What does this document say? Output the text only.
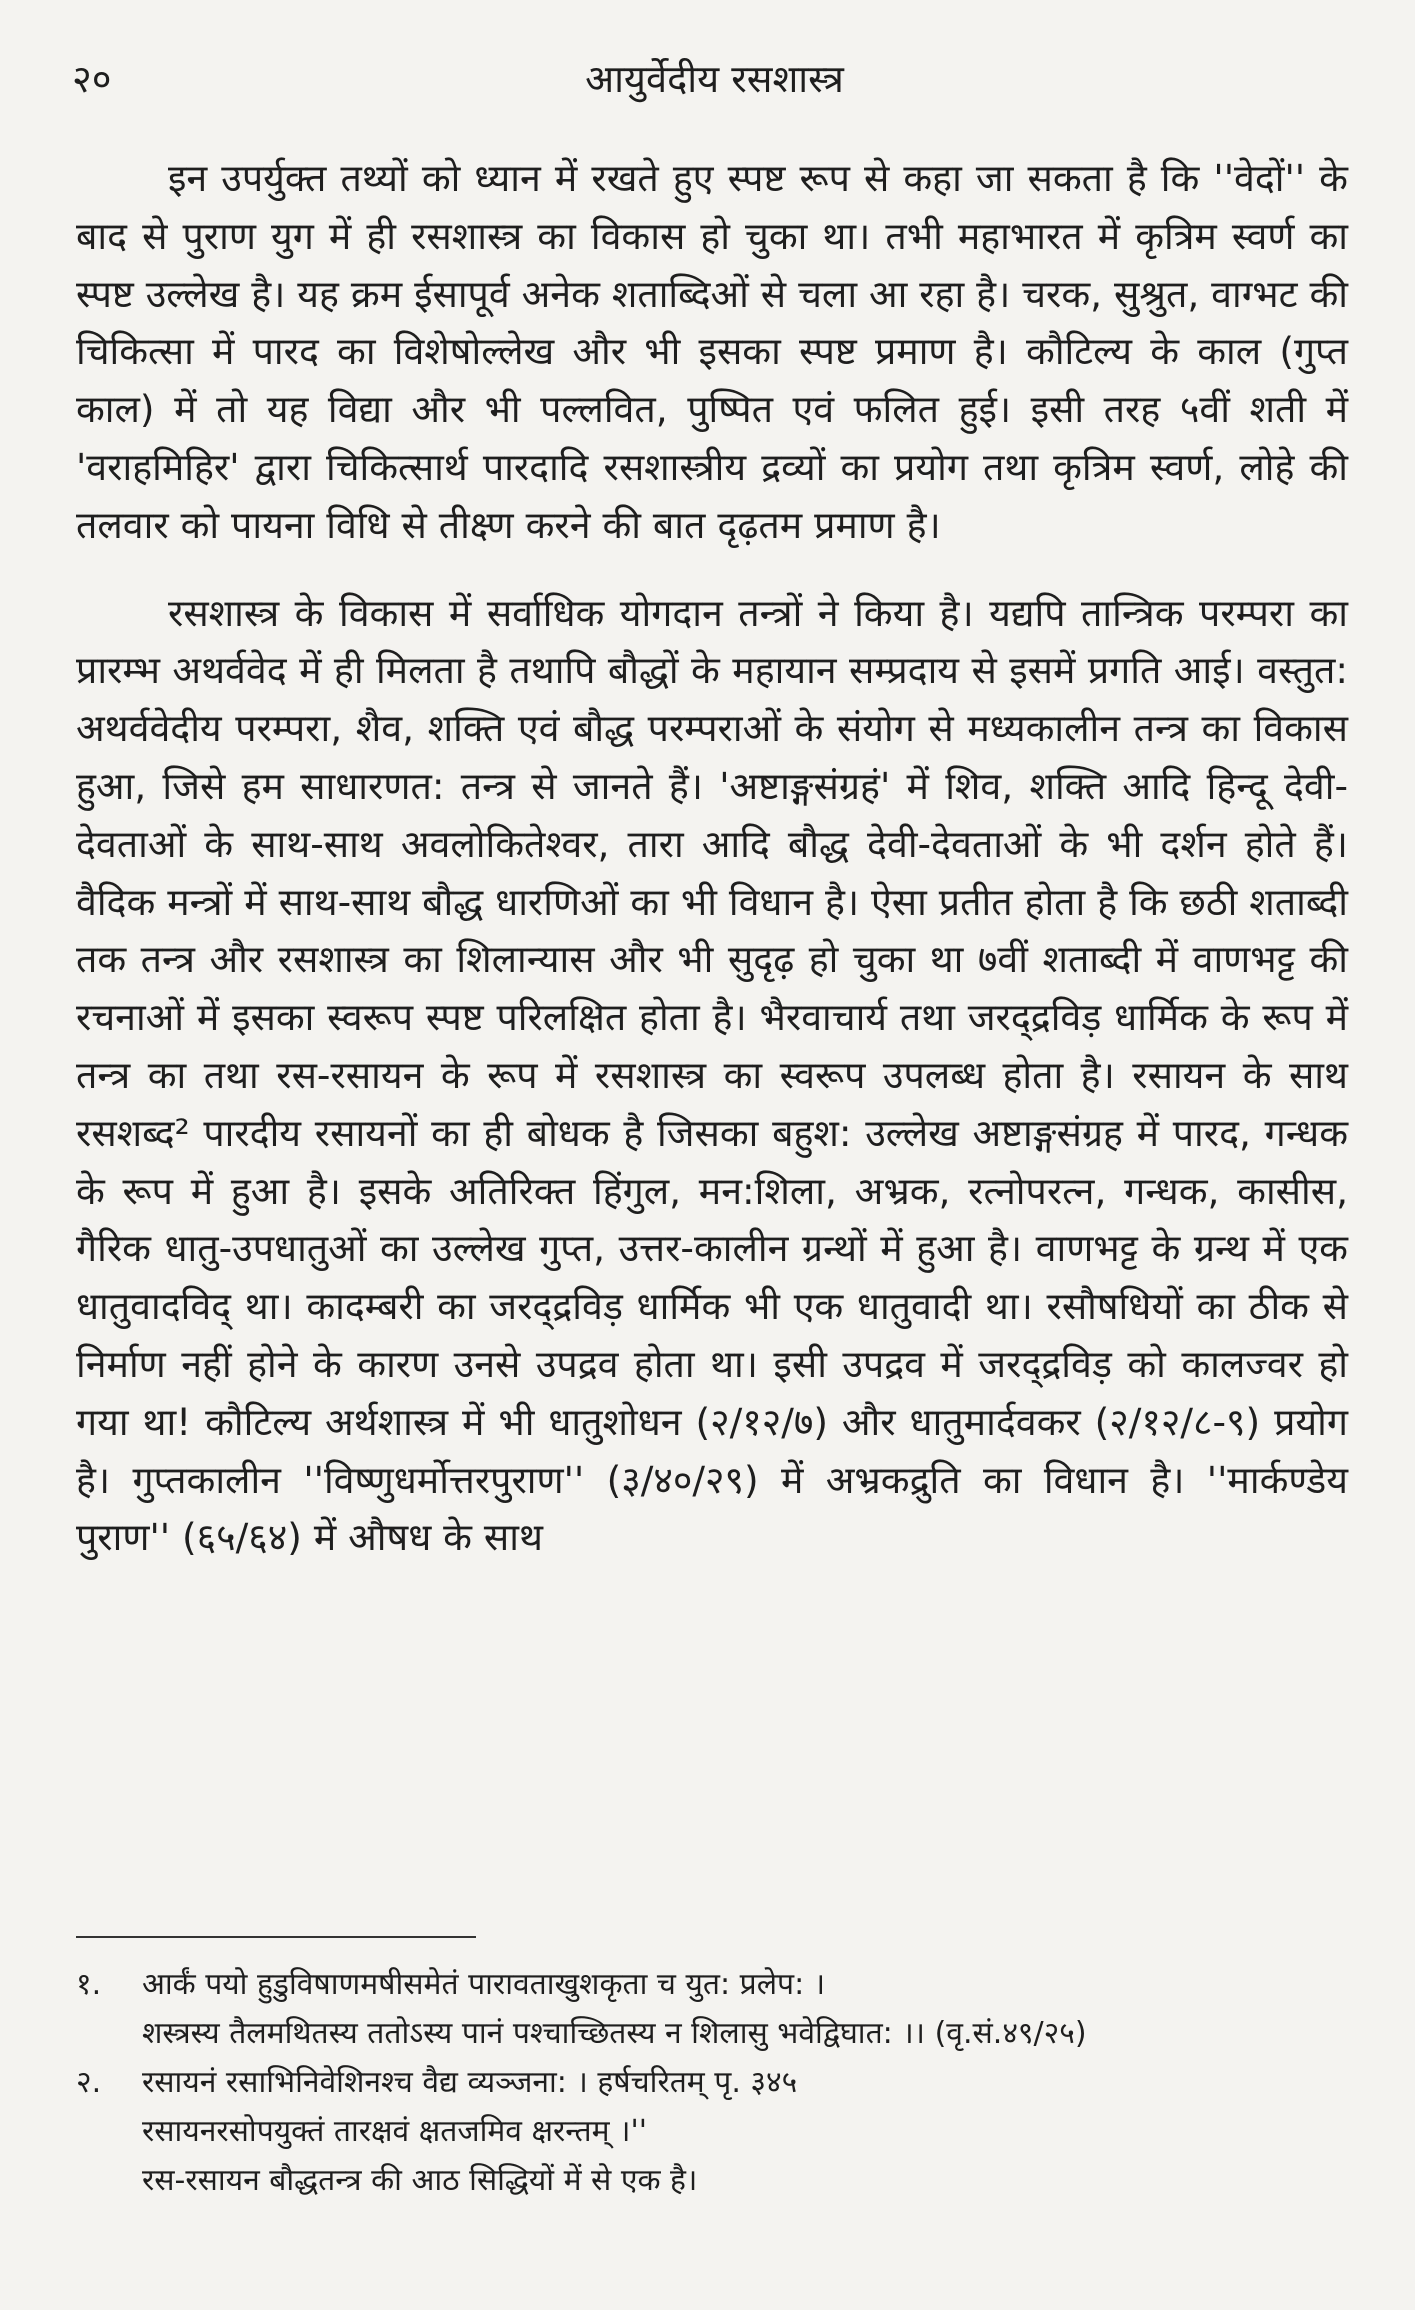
२०	आयुर्वेदीय रसशास्त्र

इन उपर्युक्त तथ्यों को ध्यान में रखते हुए स्पष्ट रूप से कहा जा सकता है कि ''वेदों'' के बाद से पुराण युग में ही रसशास्त्र का विकास हो चुका था। तभी महाभारत में कृत्रिम स्वर्ण का स्पष्ट उल्लेख है। यह क्रम ईसापूर्व अनेक शताब्दिओं से चला आ रहा है। चरक, सुश्रुत, वाग्भट की चिकित्सा में पारद का विशेषोल्लेख और भी इसका स्पष्ट प्रमाण है। कौटिल्य के काल (गुप्त काल) में तो यह विद्या और भी पल्लवित, पुष्पित एवं फलित हुई। इसी तरह ५वीं शती में 'वराहमिहिर' द्वारा चिकित्सार्थ पारदादि रसशास्त्रीय द्रव्यों का प्रयोग तथा कृत्रिम स्वर्ण, लोहे की तलवार को पायना विधि से तीक्ष्ण करने की बात दृढ़तम प्रमाण है।

रसशास्त्र के विकास में सर्वाधिक योगदान तन्त्रों ने किया है। यद्यपि तान्त्रिक परम्परा का प्रारम्भ अथर्ववेद में ही मिलता है तथापि बौद्धों के महायान सम्प्रदाय से इसमें प्रगति आई। वस्तुत: अथर्ववेदीय परम्परा, शैव, शक्ति एवं बौद्ध परम्पराओं के संयोग से मध्यकालीन तन्त्र का विकास हुआ, जिसे हम साधारणत: तन्त्र से जानते हैं। 'अष्टाङ्गसंग्रहं' में शिव, शक्ति आदि हिन्दू देवी-देवताओं के साथ-साथ अवलोकितेश्वर, तारा आदि बौद्ध देवी-देवताओं के भी दर्शन होते हैं। वैदिक मन्त्रों में साथ-साथ बौद्ध धारणिओं का भी विधान है। ऐसा प्रतीत होता है कि छठी शताब्दी तक तन्त्र और रसशास्त्र का शिलान्यास और भी सुदृढ़ हो चुका था ७वीं शताब्दी में वाणभट्ट की रचनाओं में इसका स्वरूप स्पष्ट परिलक्षित होता है। भैरवाचार्य तथा जरद्द्रविड़ धार्मिक के रूप में तन्त्र का तथा रस-रसायन के रूप में रसशास्त्र का स्वरूप उपलब्ध होता है। रसायन के साथ रसशब्द² पारदीय रसायनों का ही बोधक है जिसका बहुश: उल्लेख अष्टाङ्गसंग्रह में पारद, गन्धक के रूप में हुआ है। इसके अतिरिक्त हिंगुल, मन:शिला, अभ्रक, रत्नोपरत्न, गन्धक, कासीस, गैरिक धातु-उपधातुओं का उल्लेख गुप्त, उत्तर-कालीन ग्रन्थों में हुआ है। वाणभट्ट के ग्रन्थ में एक धातुवादविद् था। कादम्बरी का जरद्द्रविड़ धार्मिक भी एक धातुवादी था। रसौषधियों का ठीक से निर्माण नहीं होने के कारण उनसे उपद्रव होता था। इसी उपद्रव में जरद्द्रविड़ को कालज्वर हो गया था! कौटिल्य अर्थशास्त्र में भी धातुशोधन (२/१२/७) और धातुमार्दवकर (२/१२/८-९) प्रयोग है। गुप्तकालीन ''विष्णुधर्मोत्तरपुराण'' (३/४०/२९) में अभ्रकद्रुति का विधान है। ''मार्कण्डेय पुराण'' (६५/६४) में औषध के साथ

१. आर्कं पयो हुडुविषाणमषीसमेतं पारावताखुशकृता च युत: प्रलेप: ।
शस्त्रस्य तैलमथितस्य ततोऽस्य पानं पश्चाच्छितस्य न शिलासु भवेद्विघात: ।। (वृ.सं.४९/२५)
२. रसायनं रसाभिनिवेशिनश्च वैद्य व्यञ्जना: । हर्षचरितम् पृ. ३४५
रसायनरसोपयुक्तं तारक्षवं क्षतजमिव क्षरन्तम् ।''
रस-रसायन बौद्धतन्त्र की आठ सिद्धियों में से एक है।
